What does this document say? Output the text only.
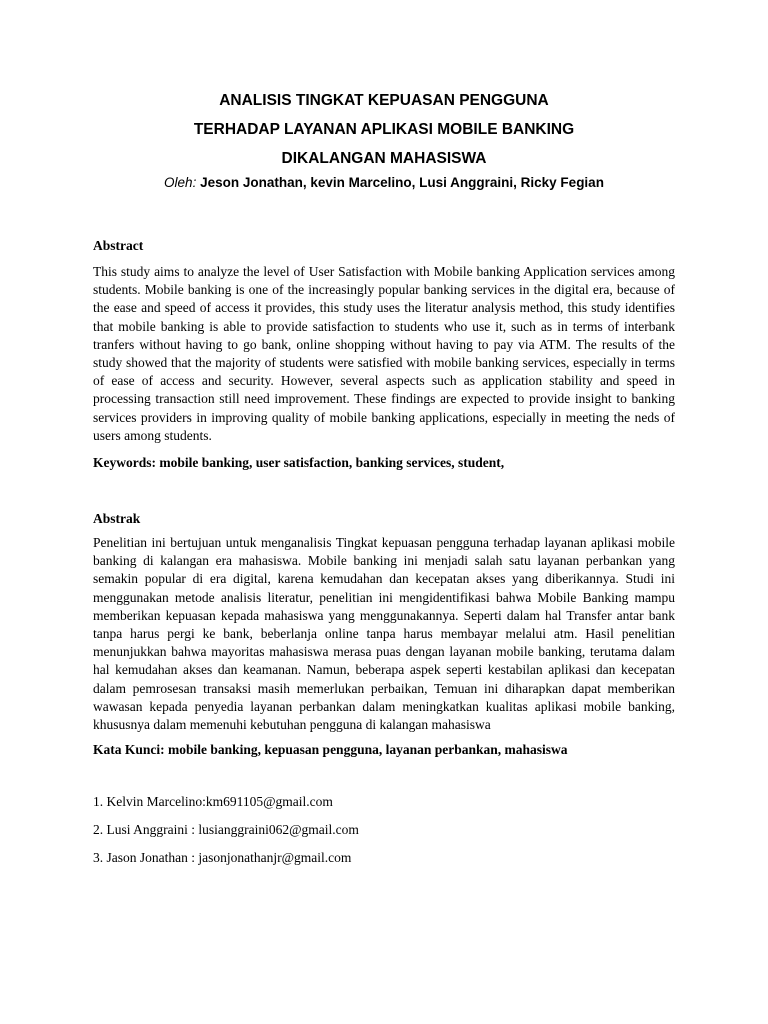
ANALISIS TINGKAT KEPUASAN PENGGUNA
TERHADAP LAYANAN APLIKASI MOBILE BANKING
DIKALANGAN MAHASISWA
Oleh: Jeson Jonathan, kevin Marcelino, Lusi Anggraini, Ricky Fegian
Abstract

This study aims to analyze the level of User Satisfaction with Mobile banking Application services among students. Mobile banking is one of the increasingly popular banking services in the digital era, because of the ease and speed of access it provides, this study uses the literatur analysis method, this study identifies that mobile banking is able to provide satisfaction to students who use it, such as in terms of interbank tranfers without having to go bank, online shopping without having to pay via ATM. The results of the study showed that the majority of students were satisfied with mobile banking services, especially in terms of ease of access and security. However, several aspects such as application stability and speed in processing transaction still need improvement. These findings are expected to provide insight to banking services providers in improving quality of mobile banking applications, especially in meeting the neds of users among students.

Keywords: mobile banking, user satisfaction, banking services, student,

Abstrak

Penelitian ini bertujuan untuk menganalisis Tingkat kepuasan pengguna terhadap layanan aplikasi mobile banking di kalangan era mahasiswa. Mobile banking ini menjadi salah satu layanan perbankan yang semakin popular di era digital, karena kemudahan dan kecepatan akses yang diberikannya. Studi ini menggunakan metode analisis literatur, penelitian ini mengidentifikasi bahwa Mobile Banking mampu memberikan kepuasan kepada mahasiswa yang menggunakannya. Seperti dalam hal Transfer antar bank tanpa harus pergi ke bank, beberlanja online tanpa harus membayar melalui atm. Hasil penelitian menunjukkan bahwa mayoritas mahasiswa merasa puas dengan layanan mobile banking, terutama dalam hal kemudahan akses dan keamanan. Namun, beberapa aspek seperti kestabilan aplikasi dan kecepatan dalam pemrosesan transaksi masih memerlukan perbaikan, Temuan ini diharapkan dapat memberikan wawasan kepada penyedia layanan perbankan dalam meningkatkan kualitas aplikasi mobile banking, khususnya dalam memenuhi kebutuhan pengguna di kalangan mahasiswa

Kata Kunci: mobile banking, kepuasan pengguna, layanan perbankan, mahasiswa

1. Kelvin Marcelino:km691105@gmail.com
2. Lusi Anggraini : lusianggraini062@gmail.com
3. Jason Jonathan : jasonjonathanjr@gmail.com
